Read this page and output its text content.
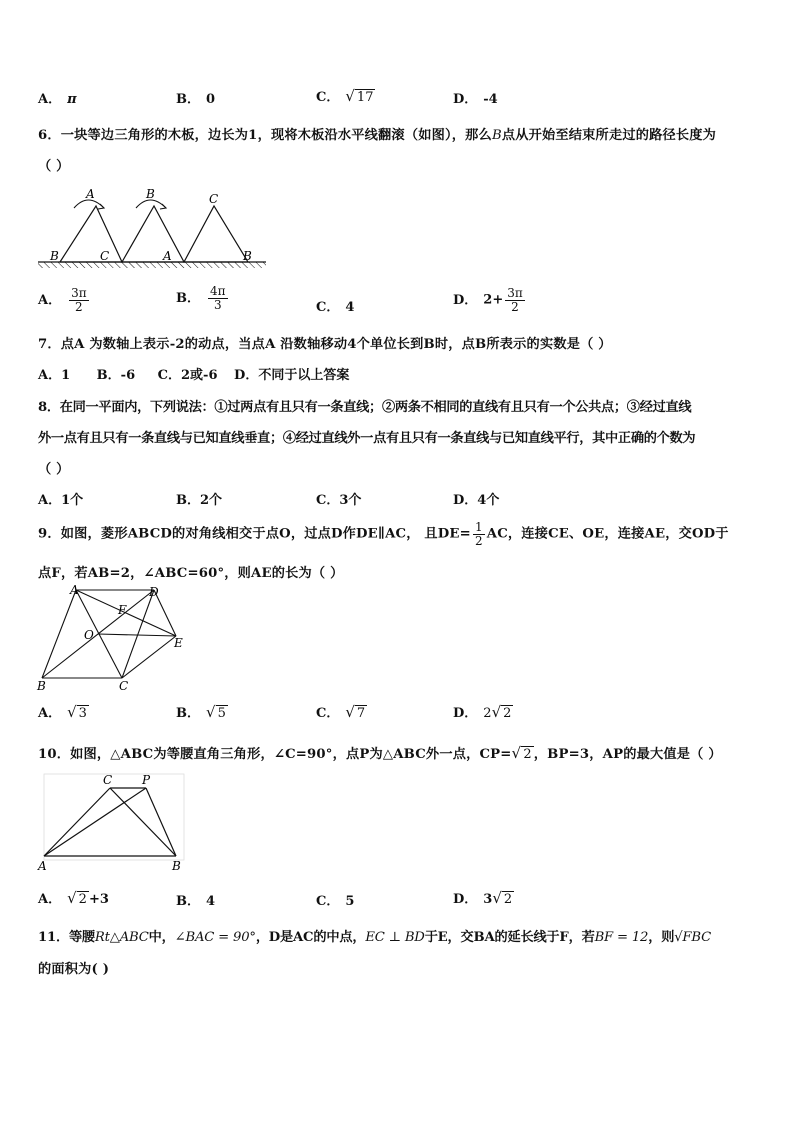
A． π	B． 0	C． √ 17	D． -4
6．一块等边三角形的木板，边长为1，现将木板沿水平线翻滚（如图），那么B点从开始至结束所走过的路径长度为
（ ）
A	B	C
B	C	A	B
A． $\frac{3\pi}{2}$	B． $\frac{4\pi}{3}$	C． 4	D． $2+ \frac{3\pi}{2}$
7．点A 为数轴上表示-2的动点，当点A 沿数轴移动4个单位长到B时，点B所表示的实数是（ ）
A．1 B．-6 C．2或-6 D．不同于以上答案
8．在同一平面内，下列说法：①过两点有且只有一条直线；②两条不相同的直线有且只有一个公共点；③经过直线
外一点有且只有一条直线与已知直线垂直；④经过直线外一点有且只有一条直线与已知直线平行，其中正确的个数为
（ ）
A．1个	B．2个	C．3个	D．4个
9．如图，菱形ABCD的对角线相交于点O，过点D作DE∥AC， 且$DE= \frac{1}{2}$ AC，连接CE、OE，连接AE，交OD于
点F，若AB=2，∠ABC=60°，则AE的长为（ ）
A	D
F
O
E
B	C
A． √ 3	B． √ 5	C． √ 7	D． 2 √ 2
10．如图，△ABC为等腰直角三角形，∠C=90°，点P为△ABC外一点，CP= √ 2 ，BP=3，AP的最大值是（ ）
C P
A	B
A． √ 2 +3	B． 4	C． 5	D． 3 √ 2
11．等腰Rt△ABC中，∠BAC = 90°，D是AC的中点，EC ⊥ BD于E，交BA的延长线于F，若BF = 12，则√FBC
的面积为( )
